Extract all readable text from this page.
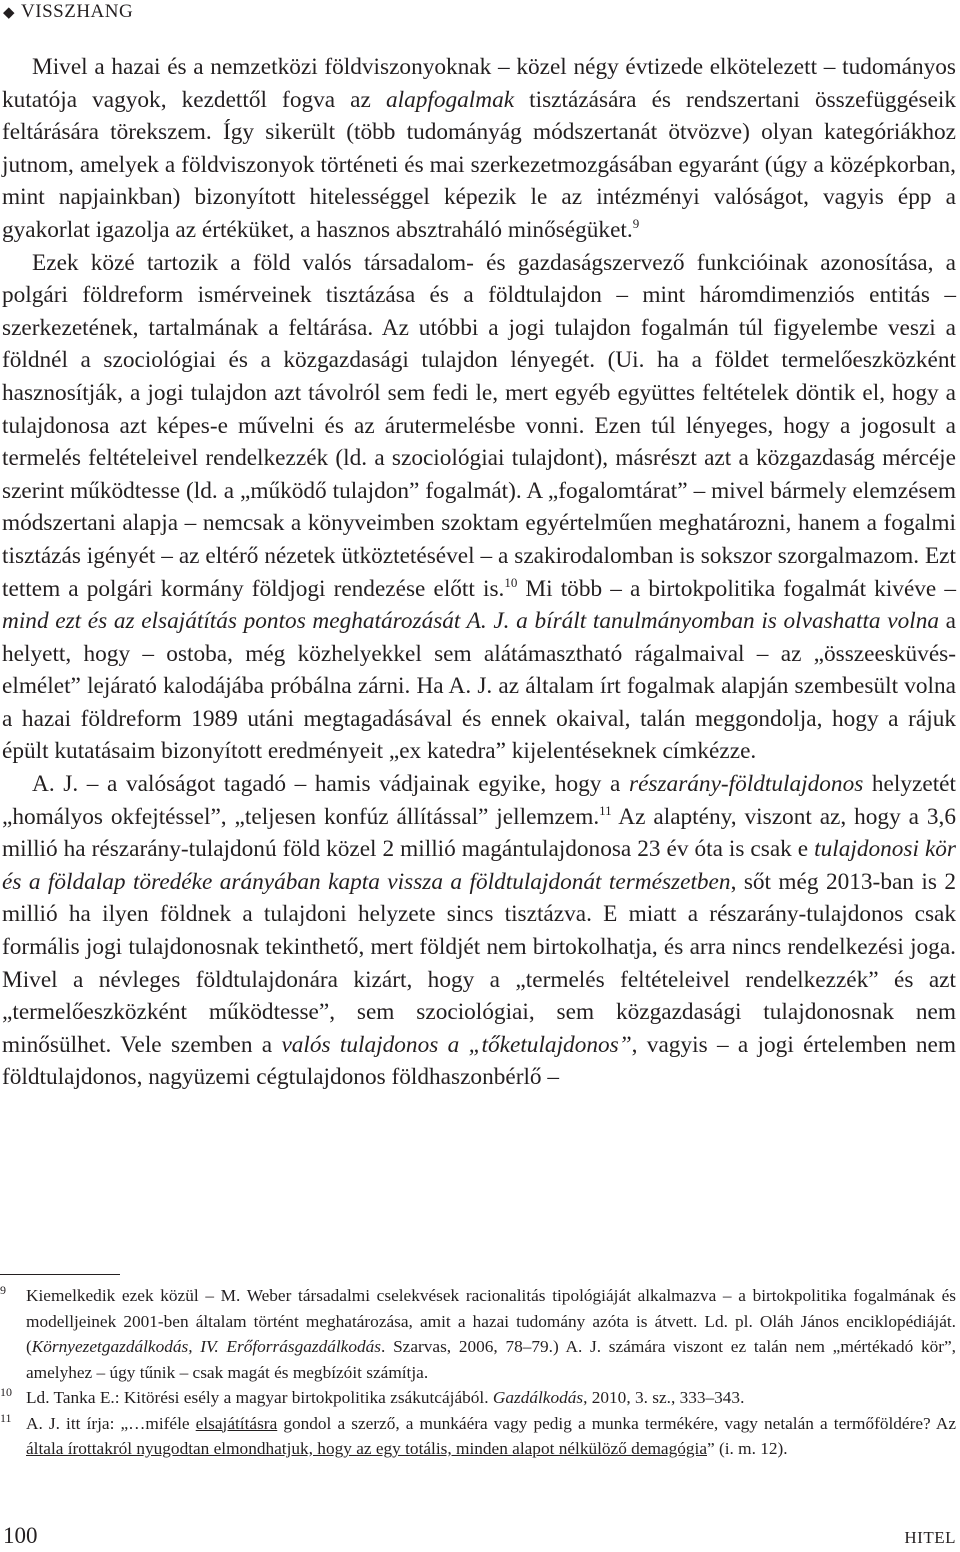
◆ VISSZHANG

Mivel a hazai és a nemzetközi földviszonyoknak – közel négy évtizede elkötelezett – tudományos kutatója vagyok, kezdettől fogva az alapfogalmak tisztázására és rendszertani összefüggéseik feltárására törekszem. Így sikerült (több tudományág módszertanát ötvözve) olyan kategóriákhoz jutnom, amelyek a földviszonyok történeti és mai szerkezetmozgásában egyaránt (úgy a középkorban, mint napjainkban) bizonyított hitelességgel képezik le az intézményi valóságot, vagyis épp a gyakorlat igazolja az értéküket, a hasznos absztraháló minőségüket.$^9$

Ezek közé tartozik a föld valós társadalom- és gazdaságszervező funkcióinak azonosítása, a polgári földreform ismérveinek tisztázása és a földtulajdon – mint háromdimenziós entitás – szerkezetének, tartalmának a feltárása. Az utóbbi a jogi tulajdon fogalmán túl figyelembe veszi a földnél a szociológiai és a közgazdasági tulajdon lényegét. (Ui. ha a földet termelőeszközként hasznosítják, a jogi tulajdon azt távolról sem fedi le, mert egyéb együttes feltételek döntik el, hogy a tulajdonosa azt képes-e művelni és az árutermelésbe vonni. Ezen túl lényeges, hogy a jogosult a termelés feltételeivel rendelkezzék (ld. a szociológiai tulajdont), másrészt azt a közgazdaság mércéje szerint működtesse (ld. a „működő tulajdon” fogalmát). A „fogalomtárat” – mivel bármely elemzésem módszertani alapja – nemcsak a könyveimben szoktam egyértelműen meghatározni, hanem a fogalmi tisztázás igényét – az eltérő nézetek ütköztetésével – a szakirodalomban is sokszor szorgalmazom. Ezt tettem a polgári kormány földjogi rendezése előtt is.$^{10}$ Mi több – a birtokpolitika fogalmát kivéve – mind ezt és az elsajátítás pontos meghatározását A. J. a bírált tanulmányomban is olvashatta volna a helyett, hogy – ostoba, még közhelyekkel sem alátámasztható rágalmaival – az „összeesküvés-elmélet” lejárató kalodájába próbálna zárni. Ha A. J. az általam írt fogalmak alapján szembesült volna a hazai földreform 1989 utáni megtagadásával és ennek okaival, talán meggondolja, hogy a rájuk épült kutatásaim bizonyított eredményeit „ex katedra” kijelentéseknek címkézze.

A. J. – a valóságot tagadó – hamis vádjainak egyike, hogy a részarány-földtulajdonos helyzetét „homályos okfejtéssel”, „teljesen konfúz állítással” jellemzem.$^{11}$ Az alaptény, viszont az, hogy a 3,6 millió ha részarány-tulajdonú föld közel 2 millió magántulajdonosa 23 év óta is csak e tulajdonosi kör és a földalap töredéke arányában kapta vissza a földtulajdonát természetben, sőt még 2013-ban is 2 millió ha ilyen földnek a tulajdoni helyzete sincs tisztázva. E miatt a részarány-tulajdonos csak formális jogi tulajdonosnak tekinthető, mert földjét nem birtokolhatja, és arra nincs rendelkezési joga. Mivel a névleges földtulajdonára kizárt, hogy a „termelés feltételeivel rendelkezzék” és azt „termelőeszközként működtesse”, sem szociológiai, sem közgazdasági tulajdonosnak nem minősülhet. Vele szemben a valós tulajdonos a „tőketulajdonos”, vagyis – a jogi értelemben nem földtulajdonos, nagyüzemi cégtulajdonos földhaszonbérlő –

9 Kiemelkedik ezek közül – M. Weber társadalmi cselekvések racionalitás tipológiáját alkalmazva – a birtokpolitika fogalmának és modelljeinek 2001-ben általam történt meghatározása, amit a hazai tudomány azóta is átvett. Ld. pl. Oláh János enciklopédiáját. (Környezetgazdálkodás, IV. Erőforrásgazdálkodás. Szarvas, 2006, 78–79.) A. J. számára viszont ez talán nem „mértékadó kör”, amelyhez – úgy tűnik – csak magát és megbízóit számítja.
10 Ld. Tanka E.: Kitörési esély a magyar birtokpolitika zsákutcájából. Gazdálkodás, 2010, 3. sz., 333–343.
11 A. J. itt írja: „…miféle elsajátításra gondol a szerző, a munkáéra vagy pedig a munka termékére, vagy netalán a termőföldére? Az általa írottakról nyugodtan elmondhatjuk, hogy az egy totális, minden alapot nélkülöző demagógia” (i. m. 12).
100	HITEL
